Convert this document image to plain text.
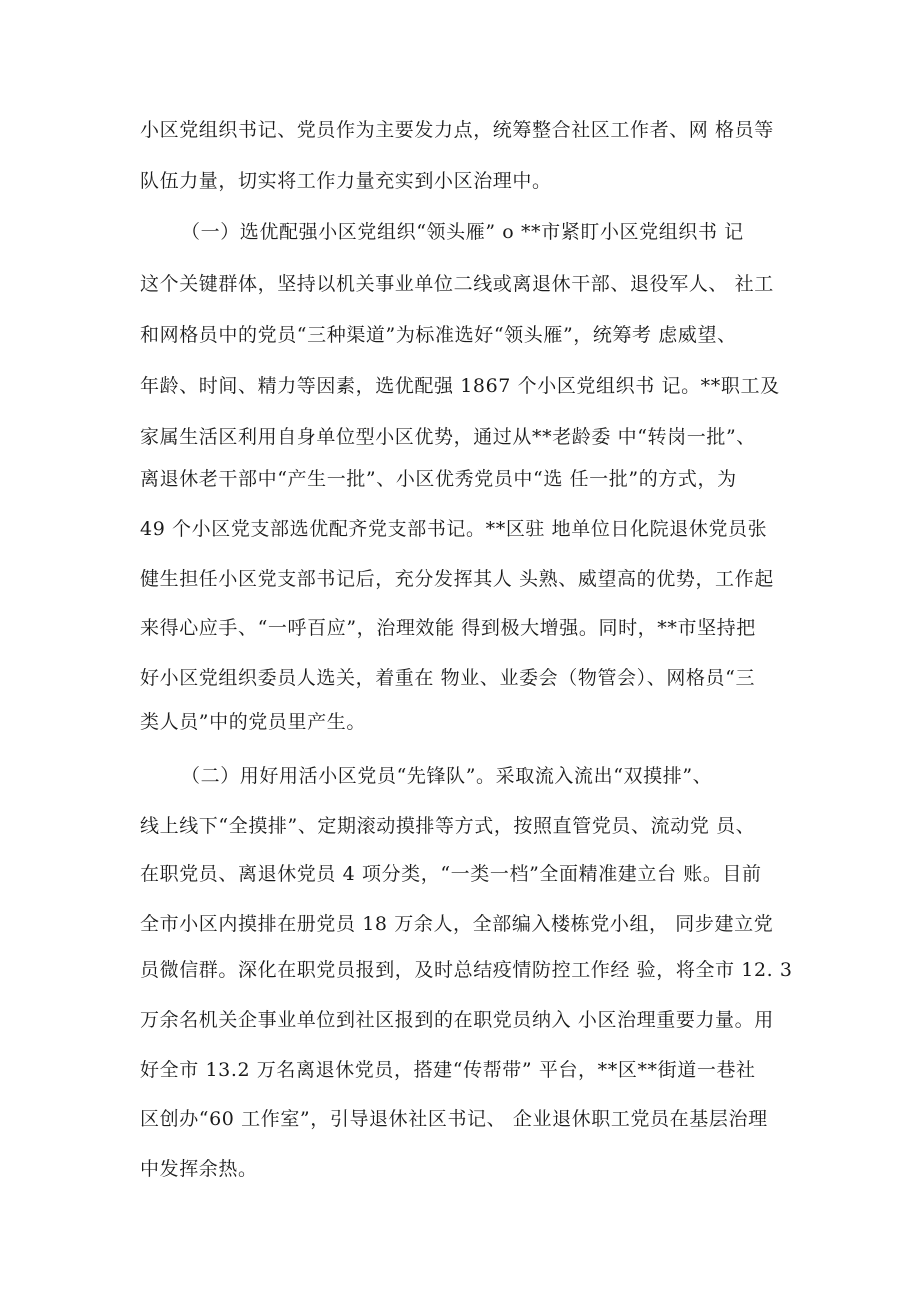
小区党组织书记、党员作为主要发力点，统筹整合社区工作者、网 格员等
队伍力量，切实将工作力量充实到小区治理中。
（一）选优配强小区党组织“领头雁” o **市紧盯小区党组织书 记
这个关键群体，坚持以机关事业单位二线或离退休干部、退役军人、 社工
和网格员中的党员“三种渠道”为标准选好“领头雁”，统筹考 虑威望、
年龄、时间、精力等因素，选优配强 1867 个小区党组织书 记。**职工及
家属生活区利用自身单位型小区优势，通过从**老龄委 中“转岗一批”、
离退休老干部中“产生一批”、小区优秀党员中“选 任一批”的方式，为
49 个小区党支部选优配齐党支部书记。**区驻 地单位日化院退休党员张
健生担任小区党支部书记后，充分发挥其人 头熟、威望高的优势，工作起
来得心应手、“一呼百应”，治理效能 得到极大增强。同时，**市坚持把
好小区党组织委员人选关，着重在 物业、业委会（物管会）、网格员“三
类人员”中的党员里产生。
（二）用好用活小区党员“先锋队”。采取流入流出“双摸排”、
线上线下“全摸排”、定期滚动摸排等方式，按照直管党员、流动党 员、
在职党员、离退休党员 4 项分类，“一类一档”全面精准建立台 账。目前
全市小区内摸排在册党员 18 万余人，全部编入楼栋党小组， 同步建立党
员微信群。深化在职党员报到，及时总结疫情防控工作经 验，将全市 12. 3
万余名机关企事业单位到社区报到的在职党员纳入 小区治理重要力量。用
好全市 13.2 万名离退休党员，搭建“传帮带” 平台，**区**街道一巷社
区创办“60 工作室”，引导退休社区书记、 企业退休职工党员在基层治理
中发挥余热。
